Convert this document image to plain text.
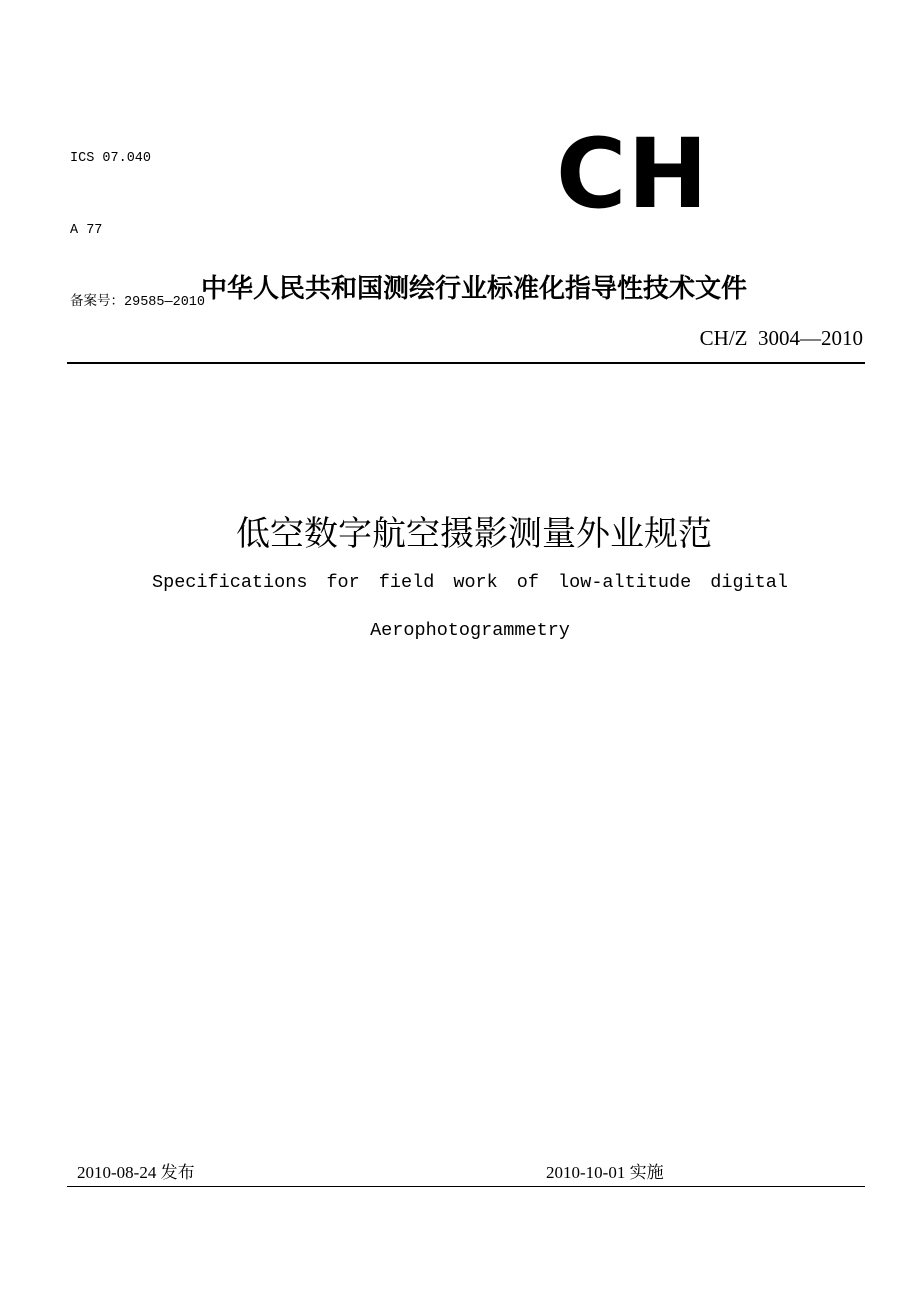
ICS 07.040

A 77

备案号：29585—2010

CH
中华人民共和国测绘行业标准化指导性技术文件
CH/Z  3004—2010
低空数字航空摄影测量外业规范
Specifications for field work of low-altitude digital
Aerophotogrammetry
2010-08-24 发布	2010-10-01 实施
